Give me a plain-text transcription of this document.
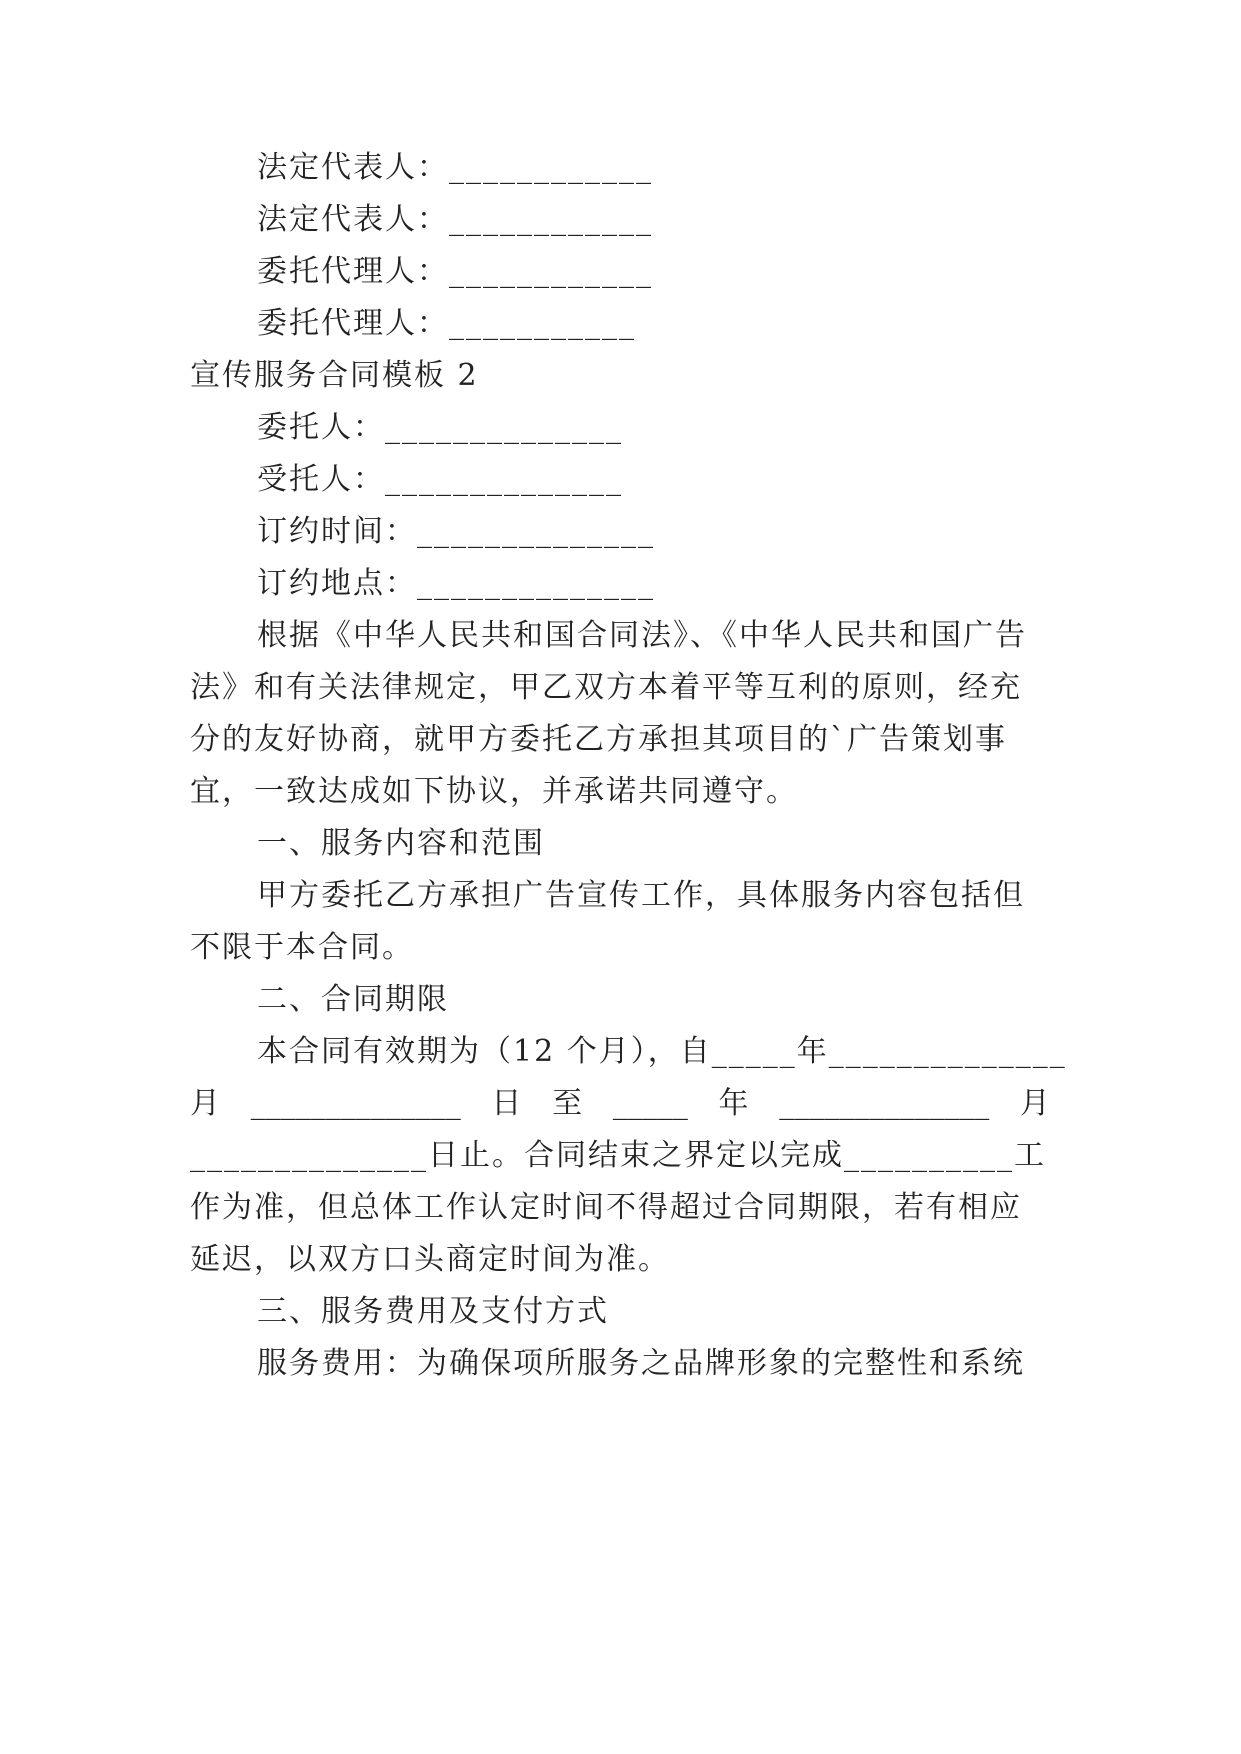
法定代表人：____________
法定代表人：____________
委托代理人：____________
委托代理人：___________
宣传服务合同模板 2
委托人：______________
受托人：______________
订约时间：______________
订约地点：______________
根据《中华人民共和国合同法》、《中华人民共和国广告
法》和有关法律规定，甲乙双方本着平等互利的原则，经充
分的友好协商，就甲方委托乙方承担其项目的`广告策划事
宜，一致达成如下协议，并承诺共同遵守。
一、服务内容和范围
甲方委托乙方承担广告宣传工作，具体服务内容包括但
不限于本合同。
二、合同期限
本合同有效期为（12 个月），自_____年______________
月 ______________ 日 至 _____ 年 ______________ 月
______________日止。合同结束之界定以完成__________工
作为准，但总体工作认定时间不得超过合同期限，若有相应
延迟，以双方口头商定时间为准。
三、服务费用及支付方式
服务费用：为确保项所服务之品牌形象的完整性和系统
